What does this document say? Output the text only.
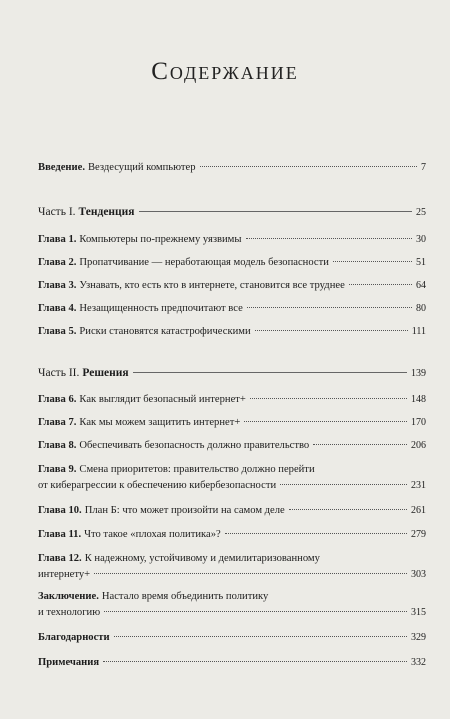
Содержание
Введение. Вездесущий компьютер	7
Часть I. Тенденция	25
Глава 1. Компьютеры по-прежнему уязвимы	30
Глава 2. Пропатчивание — неработающая модель безопасности	51
Глава 3. Узнавать, кто есть кто в интернете, становится все труднее	64
Глава 4. Незащищенность предпочитают все	80
Глава 5. Риски становятся катастрофическими	111
Часть II. Решения	139
Глава 6. Как выглядит безопасный интернет+	148
Глава 7. Как мы можем защитить интернет+	170
Глава 8. Обеспечивать безопасность должно правительство	206
Глава 9. Смена приоритетов: правительство должно перейти
от киберагрессии к обеспечению кибербезопасности	231
Глава 10. План Б: что может произойти на самом деле	261
Глава 11. Что такое «плохая политика»?	279
Глава 12. К надежному, устойчивому и демилитаризованному
интернету+	303
Заключение. Настало время объединить политику
и технологию	315
Благодарности	329
Примечания	332
